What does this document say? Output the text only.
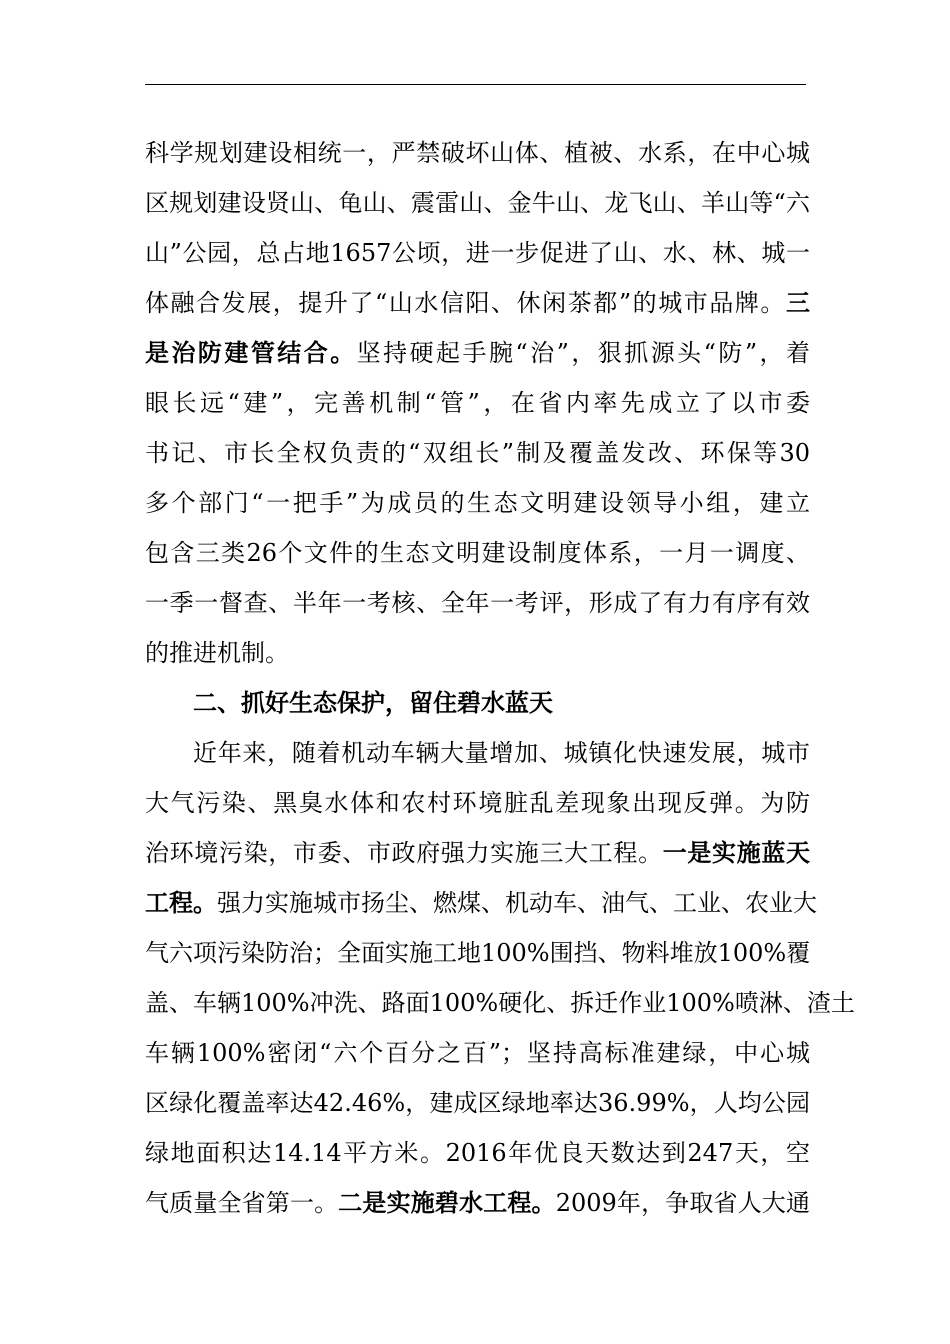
科学规划建设相统一，严禁破坏山体、植被、水系，在中心城
区规划建设贤山、龟山、震雷山、金牛山、龙飞山、羊山等“六
山”公园，总占地1657公顷，进一步促进了山、水、林、城一
体融合发展，提升了“山水信阳、休闲茶都”的城市品牌。三
是治防建管结合。坚持硬起手腕“治”，狠抓源头“防”，着
眼长远“建”，完善机制“管”，在省内率先成立了以市委
书记、市长全权负责的“双组长”制及覆盖发改、环保等30
多个部门“一把手”为成员的生态文明建设领导小组，建立
包含三类26个文件的生态文明建设制度体系，一月一调度、
一季一督查、半年一考核、全年一考评，形成了有力有序有效
的推进机制。
二、抓好生态保护，留住碧水蓝天
近年来，随着机动车辆大量增加、城镇化快速发展，城市
大气污染、黑臭水体和农村环境脏乱差现象出现反弹。为防
治环境污染，市委、市政府强力实施三大工程。一是实施蓝天
工程。强力实施城市扬尘、燃煤、机动车、油气、工业、农业大
气六项污染防治；全面实施工地100%围挡、物料堆放100%覆
盖、车辆100%冲洗、路面100%硬化、拆迁作业100%喷淋、渣土
车辆100%密闭“六个百分之百”；坚持高标准建绿，中心城
区绿化覆盖率达42.46%，建成区绿地率达36.99%，人均公园
绿地面积达14.14平方米。2016年优良天数达到247天，空
气质量全省第一。二是实施碧水工程。2009年，争取省人大通
